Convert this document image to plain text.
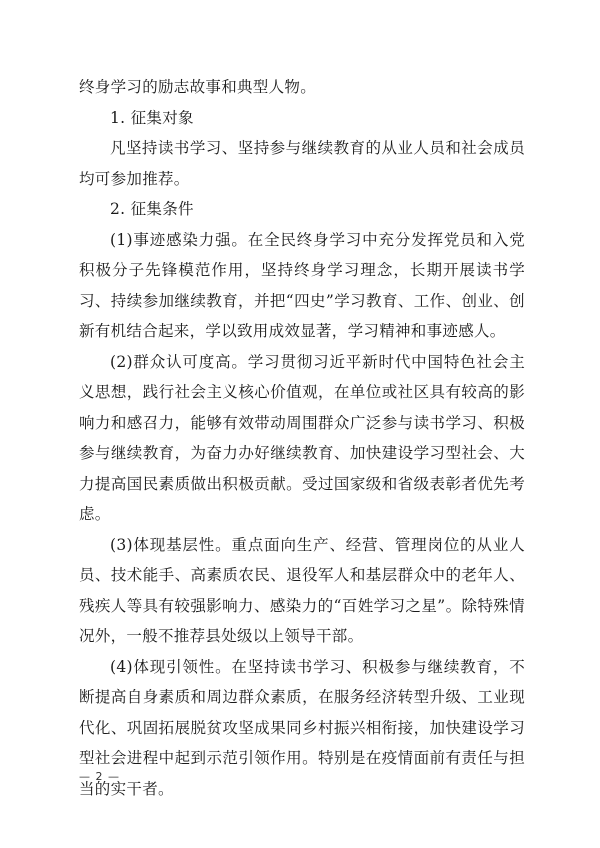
终身学习的励志故事和典型人物。

1. 征集对象

凡坚持读书学习、坚持参与继续教育的从业人员和社会成员均可参加推荐。

2. 征集条件

(1)事迹感染力强。在全民终身学习中充分发挥党员和入党积极分子先锋模范作用，坚持终身学习理念，长期开展读书学习、持续参加继续教育，并把“四史”学习教育、工作、创业、创新有机结合起来，学以致用成效显著，学习精神和事迹感人。

(2)群众认可度高。学习贯彻习近平新时代中国特色社会主义思想，践行社会主义核心价值观，在单位或社区具有较高的影响力和感召力，能够有效带动周围群众广泛参与读书学习、积极参与继续教育，为奋力办好继续教育、加快建设学习型社会、大力提高国民素质做出积极贡献。受过国家级和省级表彰者优先考虑。

(3)体现基层性。重点面向生产、经营、管理岗位的从业人员、技术能手、高素质农民、退役军人和基层群众中的老年人、残疾人等具有较强影响力、感染力的“百姓学习之星”。除特殊情况外，一般不推荐县处级以上领导干部。

(4)体现引领性。在坚持读书学习、积极参与继续教育，不断提高自身素质和周边群众素质，在服务经济转型升级、工业现代化、巩固拓展脱贫攻坚成果同乡村振兴相衔接，加快建设学习型社会进程中起到示范引领作用。特别是在疫情面前有责任与担当的实干者。

— 2 —
